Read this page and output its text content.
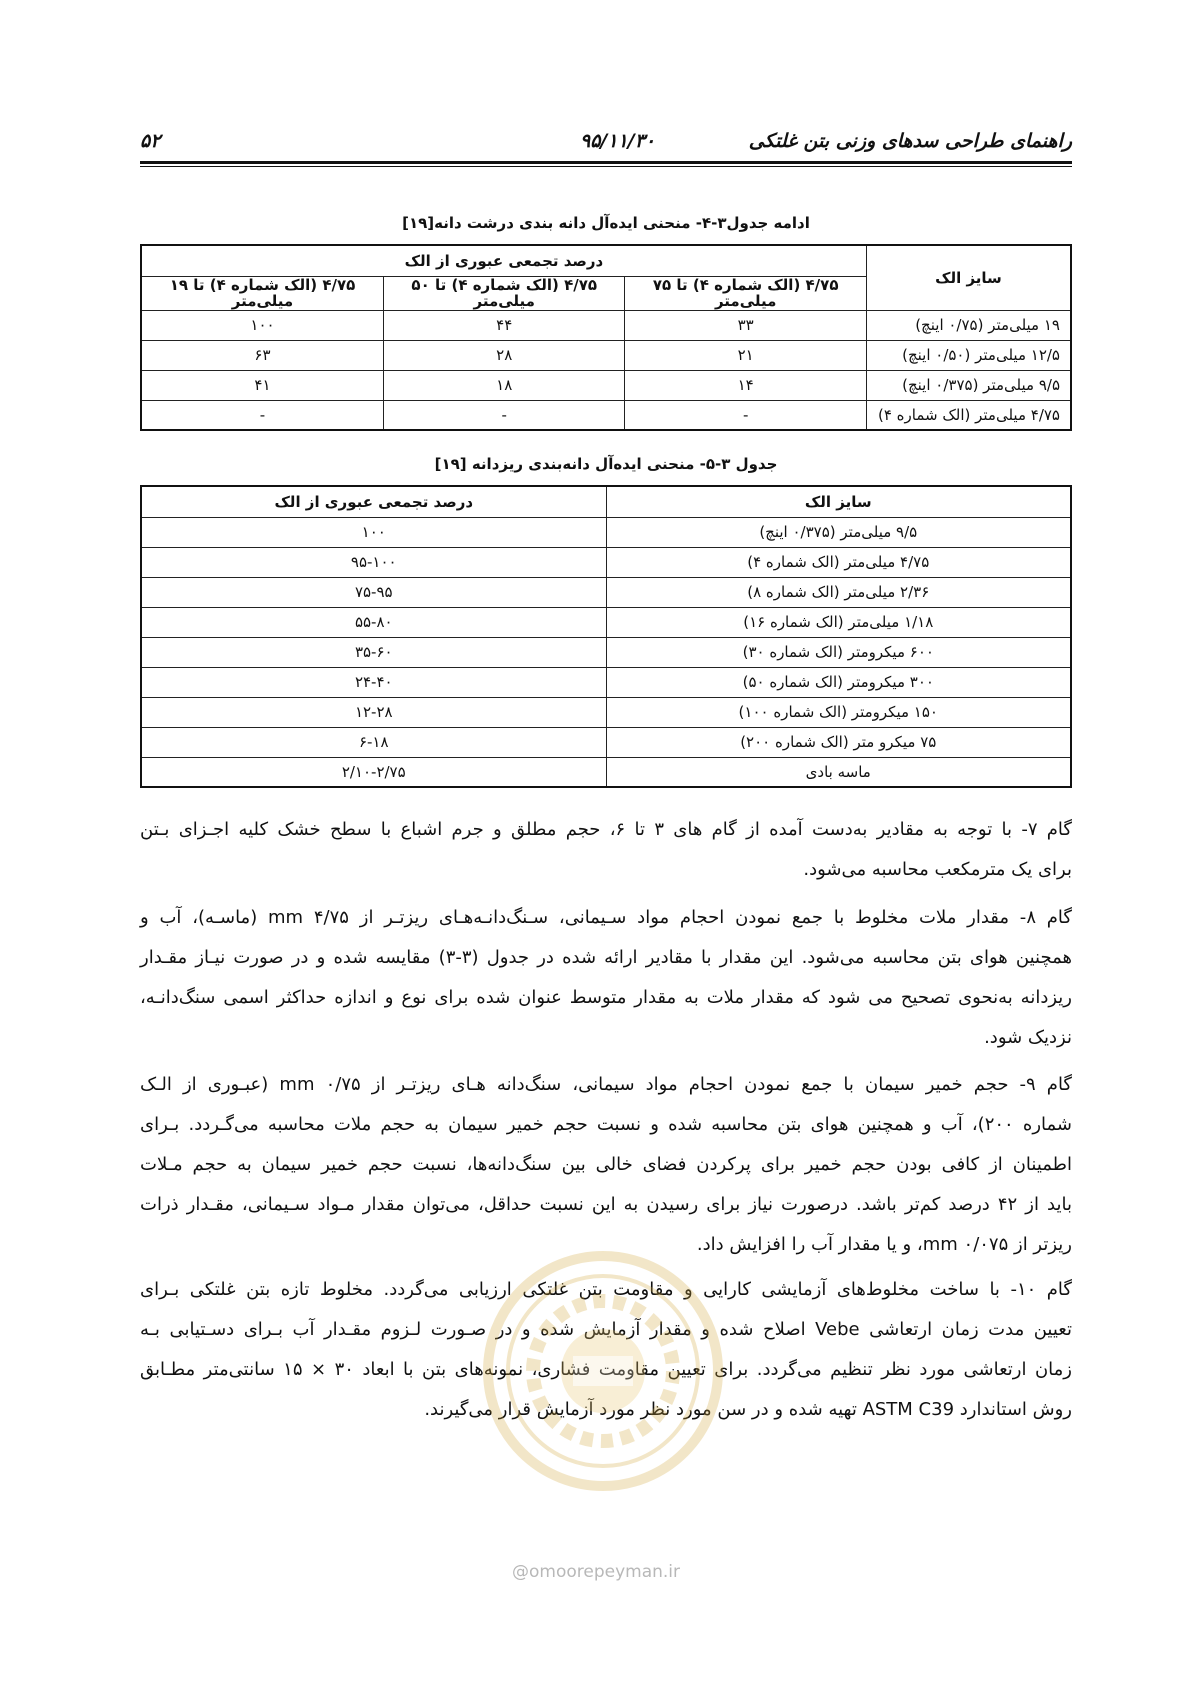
۵۲	۹۵/۱۱/۳۰	راهنمای طراحی سدهای وزنی بتن غلتکی
ادامه جدول۳-۴- منحنی ایده‌آل دانه بندی درشت دانه[۱۹]
سایز الک	درصد تجمعی عبوری از الک		
	۴/۷۵ (الک شماره ۴) تا ۷۵ میلی‌متر	۴/۷۵ (الک شماره ۴) تا ۵۰ میلی‌متر	۴/۷۵ (الک شماره ۴) تا ۱۹ میلی‌متر
۱۹ میلی‌متر (۰/۷۵ اینچ)	۳۳	۴۴	۱۰۰
۱۲/۵ میلی‌متر (۰/۵۰ اینچ)	۲۱	۲۸	۶۳
۹/۵ میلی‌متر (۰/۳۷۵ اینچ)	۱۴	۱۸	۴۱
۴/۷۵ میلی‌متر (الک شماره ۴)	-	-	-
جدول ۳-۵- منحنی ایده‌آل دانه‌بندی ریزدانه [۱۹]
سایز الک	درصد تجمعی عبوری از الک
۹/۵ میلی‌متر (۰/۳۷۵ اینچ)	۱۰۰
۴/۷۵ میلی‌متر (الک شماره ۴)	۹۵-۱۰۰
۲/۳۶ میلی‌متر (الک شماره ۸)	۷۵-۹۵
۱/۱۸ میلی‌متر (الک شماره ۱۶)	۵۵-۸۰
۶۰۰ میکرومتر (الک شماره ۳۰)	۳۵-۶۰
۳۰۰ میکرومتر (الک شماره ۵۰)	۲۴-۴۰
۱۵۰ میکرومتر (الک شماره ۱۰۰)	۱۲-۲۸
۷۵ میکرو متر (الک شماره ۲۰۰)	۶-۱۸
ماسه بادی	۲/۱۰-۲/۷۵
گام ۷- با توجه به مقادیر به‌دست آمده از گام های ۳ تا ۶، حجم مطلق و جرم اشباع با سطح خشک کلیه اجـزای بـتن
برای یک مترمکعب محاسبه می‌شود.
گام ۸- مقدار ملات مخلوط با جمع نمودن احجام مواد سـیمانی، سـنگ‌دانـه‌هـای ریزتـر از ۴/۷۵ mm (ماسـه)، آب و
همچنین هوای بتن محاسبه می‌شود. این مقدار با مقادیر ارائه شده در جدول (۳-۳) مقایسه شده و در صورت نیـاز مقـدار
ریزدانه به‌نحوی تصحیح می شود که مقدار ملات به مقدار متوسط عنوان شده برای نوع و اندازه حداکثر اسمی سنگ‌دانـه،
نزدیک شود.
گام ۹- حجم خمیر سیمان با جمع نمودن احجام مواد سیمانی، سنگ‌دانه هـای ریزتـر از ۰/۷۵ mm (عبـوری از الـک
شماره ۲۰۰)، آب و همچنین هوای بتن محاسبه شده و نسبت حجم خمیر سیمان به حجم ملات محاسبه می‌گـردد. بـرای
اطمینان از کافی بودن حجم خمیر برای پرکردن فضای خالی بین سنگ‌دانه‌ها، نسبت حجم خمیر سیمان به حجم مـلات
باید از ۴۲ درصد کم‌تر باشد. درصورت نیاز برای رسیدن به این نسبت حداقل، می‌توان مقدار مـواد سـیمانی، مقـدار ذرات
ریزتر از ۰/۰۷۵ mm، و یا مقدار آب را افزایش داد.
گام ۱۰- با ساخت مخلوط‌های آزمایشی کارایی و مقاومت بتن غلتکی ارزیابی می‌گردد. مخلوط تازه بتن غلتکی بـرای
تعیین مدت زمان ارتعاشی Vebe اصلاح شده و مقدار آزمایش شده و در صـورت لـزوم مقـدار آب بـرای دسـتیابی بـه
زمان ارتعاشی مورد نظر تنظیم می‌گردد. برای تعیین مقاومت فشاری، نمونه‌های بتن با ابعاد ۳۰ × ۱۵ سانتی‌متر مطـابق
روش استاندارد ASTM C39 تهیه شده و در سن مورد نظر مورد آزمایش قرار می‌گیرند.
@omoorepeyman.ir
